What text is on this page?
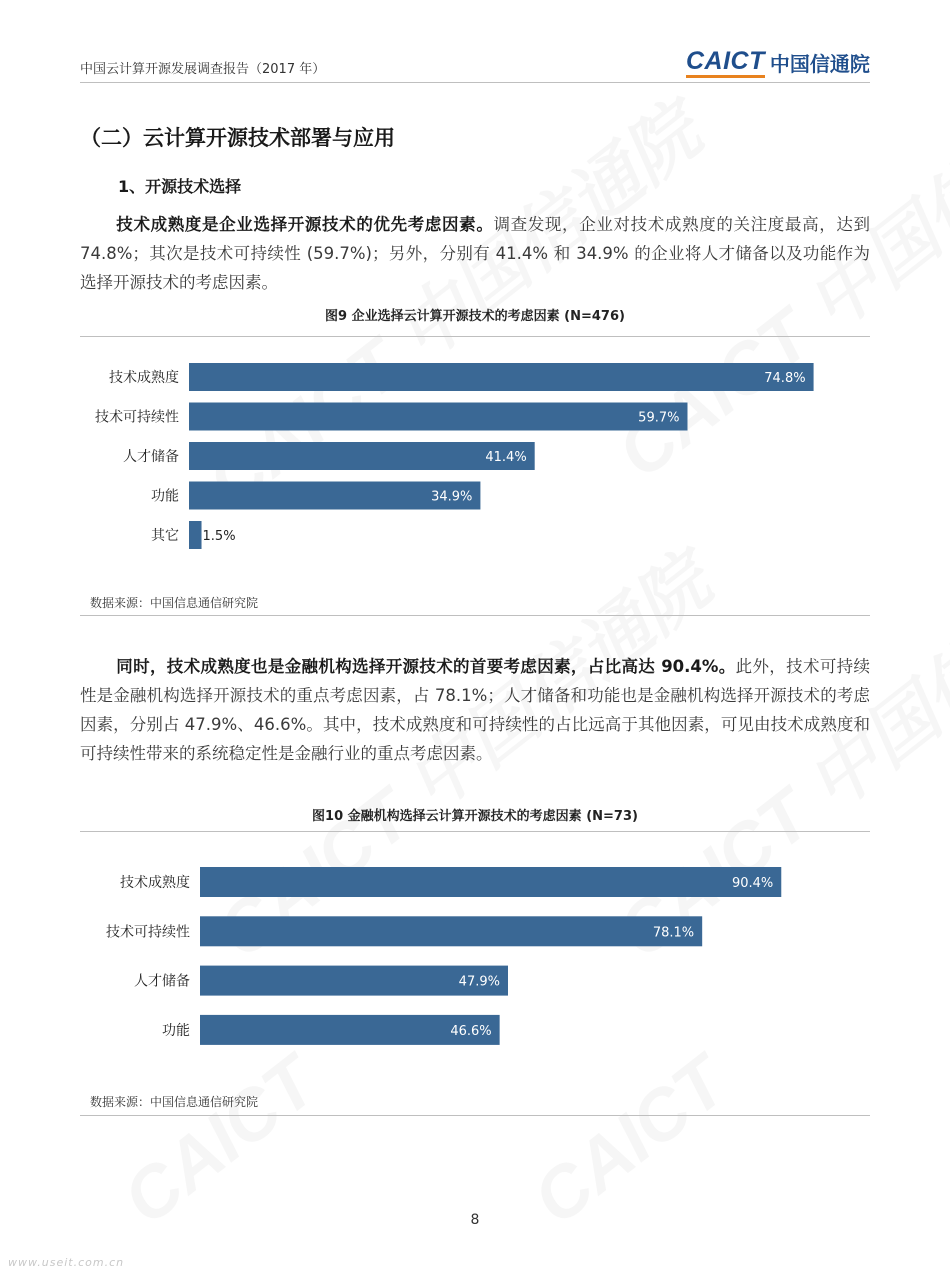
中国云计算开源发展调查报告（2017 年）	CAICT 中国信通院
（二）云计算开源技术部署与应用
1、开源技术选择

技术成熟度是企业选择开源技术的优先考虑因素。调查发现，企业对技术成熟度的关注度最高，达到 74.8%；其次是技术可持续性 (59.7%)；另外，分别有 41.4% 和 34.9% 的企业将人才储备以及功能作为选择开源技术的考虑因素。

图9 企业选择云计算开源技术的考虑因素 (N=476)
技术成熟度	74.8%
技术可持续性	59.7%
人才储备	41.4%
功能	34.9%
其它 1.5%
数据来源：中国信息通信研究院

同时，技术成熟度也是金融机构选择开源技术的首要考虑因素，占比高达 90.4%。此外，技术可持续性是金融机构选择开源技术的重点考虑因素，占 78.1%；人才储备和功能也是金融机构选择开源技术的考虑因素，分别占 47.9%、46.6%。其中，技术成熟度和可持续性的占比远高于其他因素，可见由技术成熟度和可持续性带来的系统稳定性是金融行业的重点考虑因素。

图10 金融机构选择云计算开源技术的考虑因素 (N=73)
技术成熟度	90.4%
技术可持续性	78.1%
人才储备	47.9%
功能	46.6%
数据来源：中国信息通信研究院
8
www.useit.com.cn
